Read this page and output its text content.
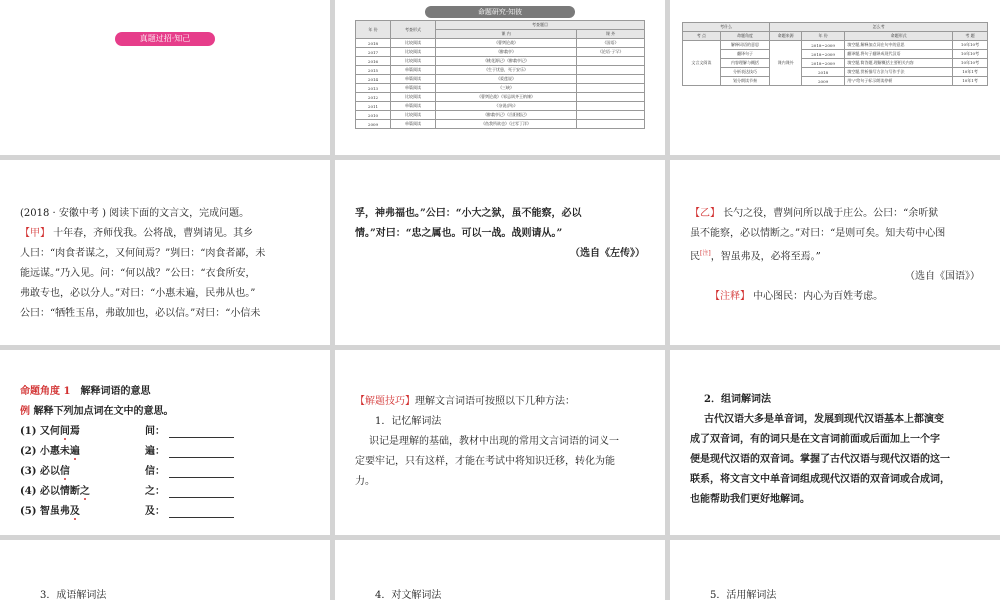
真题过招·知己
命题研究·知彼
年 份	考查形式	考查题目	
		课 内	课 外
2018	比较阅读	《曹刿论战》	《国语》
2017	比较阅读	《醉翁亭》	《论语·子罕》
2016	比较阅读	《桃花源记》《醉翁亭记》	
2015	单篇阅读	《生于忧患，死于安乐》	
2014	单篇阅读	《爱莲说》	
2013	单篇阅读	《三峡》	
2012	比较阅读	《曹刿论战》《邹忌讽齐王纳谏》	
2011	单篇阅读	《杂说(四)》	
2010	比较阅读	《醉翁亭记》《岳阳楼记》	
2009	单篇阅读	《鱼我所欲也》《过零丁洋》	
考什么		怎么考			
考 点	命题角度	命题来源	年 份	命题形式	考 题
文言文阅读	解释词语的意思	课内课外	2018~2009	填空题,解释加点词在句中的意思	10年10考
	翻译句子		2018~2009	翻译题,将句子翻译成现代汉语	10年10考
	内容理解与概括		2018~2009	填空题,简答题,理解概括主要相关内容	10年10考
	分析表达技巧		2018	填空题,赏析描写方法与写作手法	10年1考
	划分朗读节奏		2009	用"/"给句子标示朗读停顿	10年1考
(2018 · 安徽中考 ) 阅读下面的文言文，完成问题。
【甲】 十年春，齐师伐我。公将战，曹刿请见。其乡
人曰：“肉食者谋之，又何间焉？”刿曰：“肉食者鄙，未
能远谋。”乃入见。问：“何以战？”公曰：“衣食所安，
弗敢专也，必以分人。”对曰：“小惠未遍，民弗从也。”
公曰：“牺牲玉帛，弗敢加也，必以信。”对曰：“小信未
孚，神弗福也。”公曰：“小大之狱，虽不能察，必以
情。”对曰：“忠之属也。可以一战。战则请从。”
（选自《左传》）
【乙】 长勺之役，曹刿问所以战于庄公。公曰：“余听狱
虽不能察，必以情断之。”对曰：“是则可矣。知夫苟中心图
民[注]，智虽弗及，必将至焉。”
（选自《国语》）
【注释】 中心图民：内心为百姓考虑。
命题角度 1　 解释词语的意思
例 解释下列加点词在文中的意思。
(1) 又何间焉	间：
(2) 小惠未遍	遍：
(3) 必以信	信：
(4) 必以情断之	之：
(5) 智虽弗及	及：
【解题技巧】理解文言词语可按照以下几种方法：
1．记忆解词法
识记是理解的基础，教材中出现的常用文言词语的词义一
定要牢记，只有这样，才能在考试中将知识迁移，转化为能
力。
2．组词解词法
古代汉语大多是单音词，发展到现代汉语基本上都演变
成了双音词，有的词只是在文言词前面或后面加上一个字
便是现代汉语的双音词。掌握了古代汉语与现代汉语的这一
联系，将文言文中单音词组成现代汉语的双音词或合成词，
也能帮助我们更好地解词。
3．成语解词法	4．对文解词法	5．活用解词法
